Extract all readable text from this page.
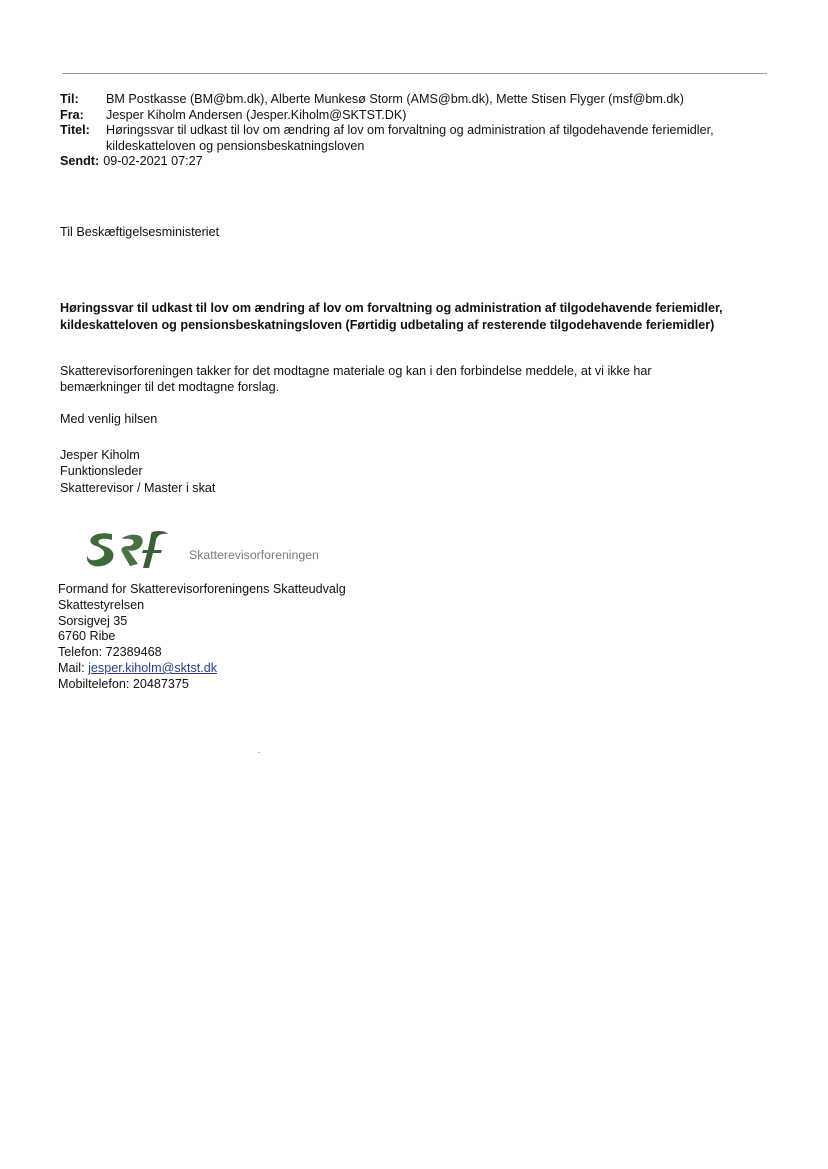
Til:	BM Postkasse (BM@bm.dk), Alberte Munkesø Storm (AMS@bm.dk), Mette Stisen Flyger (msf@bm.dk)
Fra:	Jesper Kiholm Andersen (Jesper.Kiholm@SKTST.DK)
Titel:	Høringssvar til udkast til lov om ændring af lov om forvaltning og administration af tilgodehavende feriemidler,
kildeskatteloven og pensionsbeskatningsloven
Sendt: 09-02-2021 07:27
Til Beskæftigelsesministeriet
Høringssvar til udkast til lov om ændring af lov om forvaltning og administration af tilgodehavende feriemidler,
kildeskatteloven og pensionsbeskatningsloven (Førtidig udbetaling af resterende tilgodehavende feriemidler)
Skatterevisorforeningen takker for det modtagne materiale og kan i den forbindelse meddele, at vi ikke har
bemærkninger til det modtagne forslag.
Med venlig hilsen
Jesper Kiholm
Funktionsleder
Skatterevisor / Master i skat
Skatterevisorforeningen
Formand for Skatterevisorforeningens Skatteudvalg
Skattestyrelsen
Sorsigvej 35
6760 Ribe
Telefon: 72389468
Mail: jesper.kiholm@sktst.dk
Mobiltelefon: 20487375
